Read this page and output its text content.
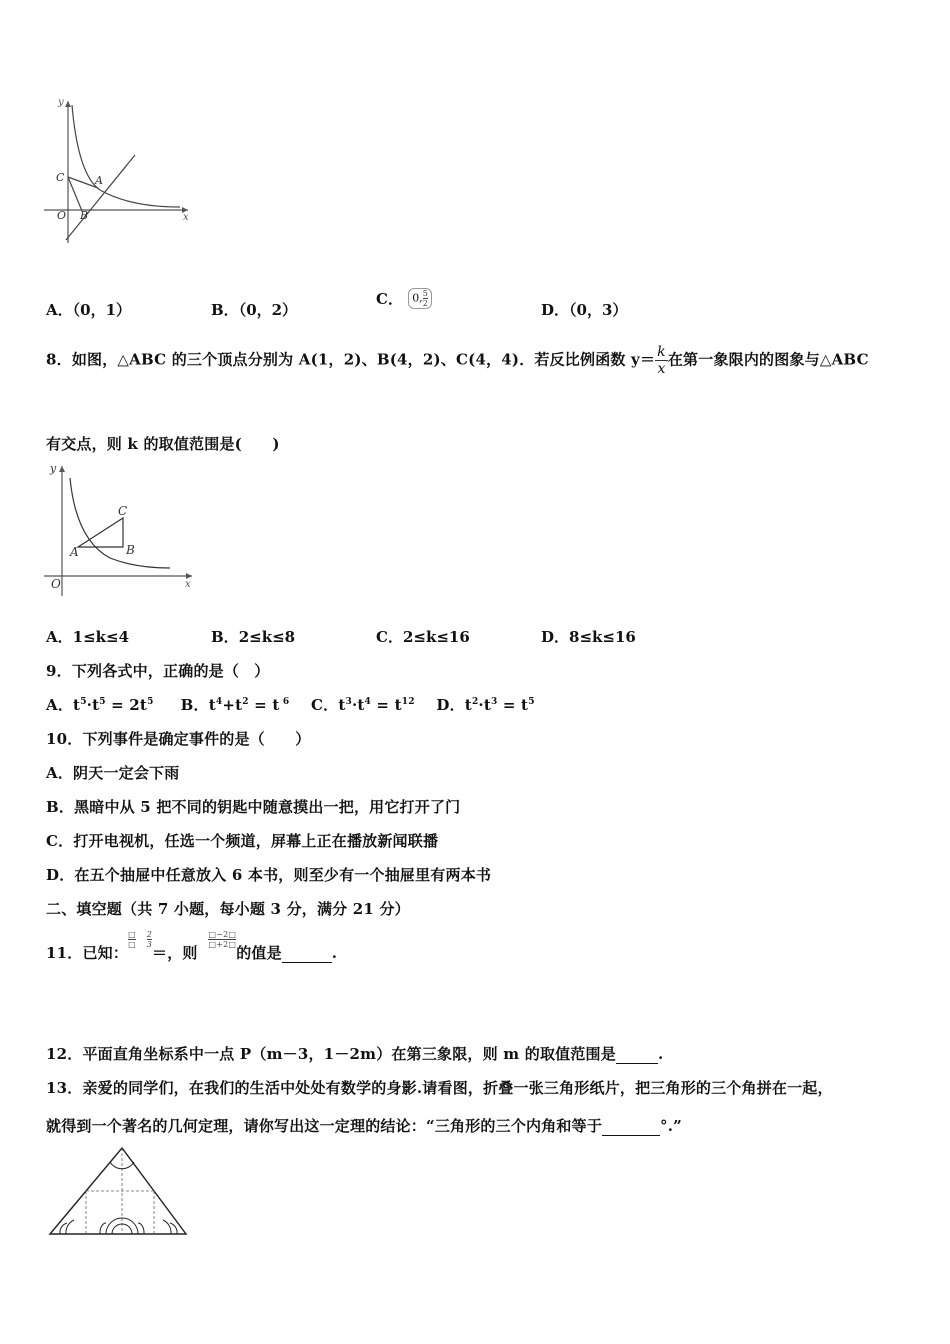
y
x
C	A
O B
A．（0，1）	B．（0，2）
C． $0,\frac{5}{2}$
D．（0，3）
8．如图，△ABC 的三个顶点分别为 A(1，2)、B(4，2)、C(4，4)．若反比例函数 $y= \frac{k}{x}$ 在第一象限内的图象与△ABC
有交点，则 k 的取值范围是(　　)
y
x
C
A	B
O
A．1≤k≤4	B．2≤k≤8	C．2≤k≤16	D．8≤k≤16
9．下列各式中，正确的是（　）
A．$t^5\cdot t^5 = 2t^5$ B．$t^4+t^2 = t$ $^6$ C．$t^3\cdot t^4 = t^{12}$ D．$t^2\cdot t^3 = t^5$
10．下列事件是确定事件的是（　　）
A．阴天一定会下雨
B．黑暗中从 5 把不同的钥匙中随意摸出一把，用它打开了门
C．打开电视机，任选一个频道，屏幕上正在播放新闻联播
D．在五个抽屉中任意放入 6 本书，则至少有一个抽屉里有两本书
二、填空题（共 7 小题，每小题 3 分，满分 21 分）
11．已知：□
□ $\frac{2}{3}$
＝，则  $\frac{□-2□}{□+2□}$
的值是	.
12．平面直角坐标系中一点 P（m－3，1－2m）在第三象限，则 m 的取值范围是	.
13．亲爱的同学们，在我们的生活中处处有数学的身影.请看图，折叠一张三角形纸片，把三角形的三个角拼在一起，
就得到一个著名的几何定理，请你写出这一定理的结论：“三角形的三个内角和等于	°.”
